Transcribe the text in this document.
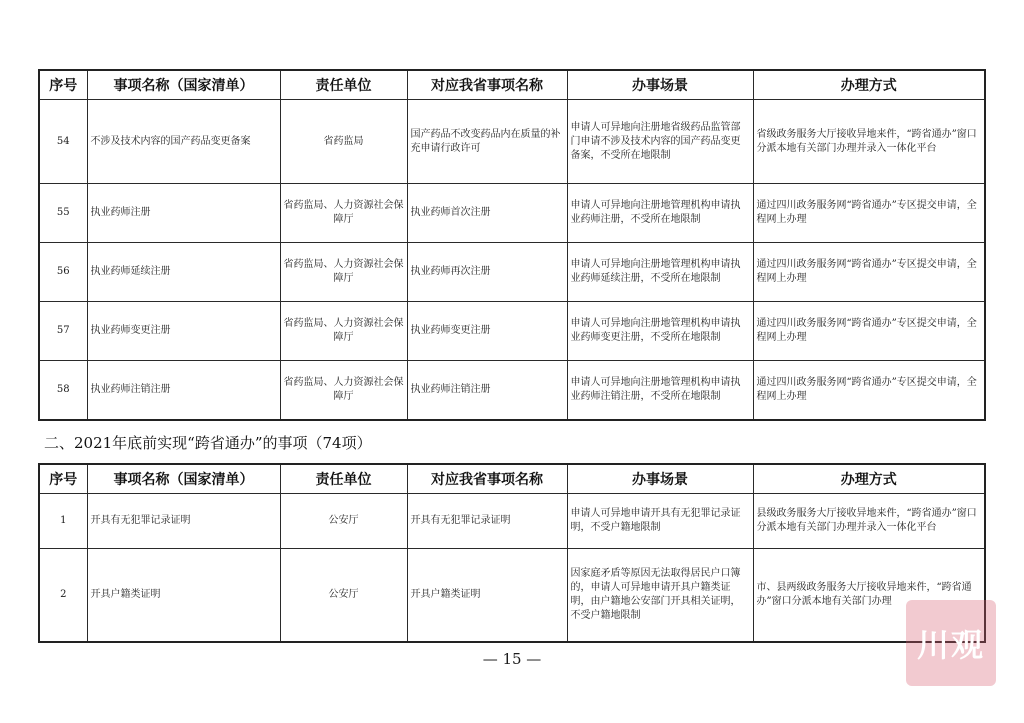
序号	事项名称（国家清单）	责任单位	对应我省事项名称	办事场景	办理方式
54	不涉及技术内容的国产药品变更备案	省药监局	国产药品不改变药品内在质量的补充申请行政许可	申请人可异地向注册地省级药品监管部门申请不涉及技术内容的国产药品变更备案，不受所在地限制	省级政务服务大厅接收异地来件，“跨省通办”窗口分派本地有关部门办理并录入一体化平台
55	执业药师注册	省药监局、人力资源社会保障厅	执业药师首次注册	申请人可异地向注册地管理机构申请执业药师注册，不受所在地限制	通过四川政务服务网“跨省通办”专区提交申请，全程网上办理
56	执业药师延续注册	省药监局、人力资源社会保障厅	执业药师再次注册	申请人可异地向注册地管理机构申请执业药师延续注册，不受所在地限制	通过四川政务服务网“跨省通办”专区提交申请，全程网上办理
57	执业药师变更注册	省药监局、人力资源社会保障厅	执业药师变更注册	申请人可异地向注册地管理机构申请执业药师变更注册，不受所在地限制	通过四川政务服务网“跨省通办”专区提交申请，全程网上办理
58	执业药师注销注册	省药监局、人力资源社会保障厅	执业药师注销注册	申请人可异地向注册地管理机构申请执业药师注销注册，不受所在地限制	通过四川政务服务网“跨省通办”专区提交申请，全程网上办理
二、2021年底前实现“跨省通办”的事项（74项）
序号	事项名称（国家清单）	责任单位	对应我省事项名称	办事场景	办理方式
1	开具有无犯罪记录证明	公安厅	开具有无犯罪记录证明	申请人可异地申请开具有无犯罪记录证明，不受户籍地限制	县级政务服务大厅接收异地来件，“跨省通办”窗口分派本地有关部门办理并录入一体化平台
2	开具户籍类证明	公安厅	开具户籍类证明	因家庭矛盾等原因无法取得居民户口簿的，申请人可异地申请开具户籍类证明，由户籍地公安部门开具相关证明，不受户籍地限制	市、县两级政务服务大厅接收异地来件，“跨省通办”窗口分派本地有关部门办理
— 15 —	川观
